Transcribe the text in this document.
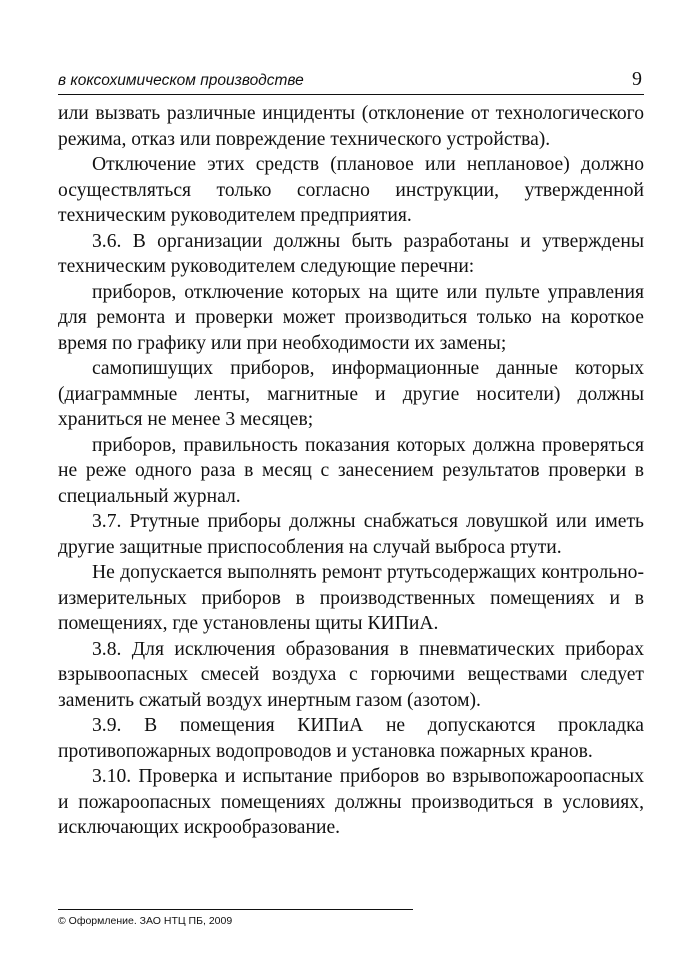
в коксохимическом производстве	9

или вызвать различные инциденты (отклонение от технологического режима, отказ или повреждение технического устройства).

Отключение этих средств (плановое или неплановое) должно осуществляться только согласно инструкции, утвержденной техническим руководителем предприятия.

3.6. В организации должны быть разработаны и утверждены техническим руководителем следующие перечни:

приборов, отключение которых на щите или пульте управления для ремонта и проверки может производиться только на короткое время по графику или при необходимости их замены;

самопишущих приборов, информационные данные которых (диаграммные ленты, магнитные и другие носители) должны храниться не менее 3 месяцев;

приборов, правильность показания которых должна проверяться не реже одного раза в месяц с занесением результатов проверки в специальный журнал.

3.7. Ртутные приборы должны снабжаться ловушкой или иметь другие защитные приспособления на случай выброса ртути.

Не допускается выполнять ремонт ртутьсодержащих контрольно-измерительных приборов в производственных помещениях и в помещениях, где установлены щиты КИПиА.

3.8. Для исключения образования в пневматических приборах взрывоопасных смесей воздуха с горючими веществами следует заменить сжатый воздух инертным газом (азотом).

3.9. В помещения КИПиА не допускаются прокладка противопожарных водопроводов и установка пожарных кранов.

3.10. Проверка и испытание приборов во взрывопожароопасных и пожароопасных помещениях должны производиться в условиях, исключающих искрообразование.

© Оформление. ЗАО НТЦ ПБ, 2009
